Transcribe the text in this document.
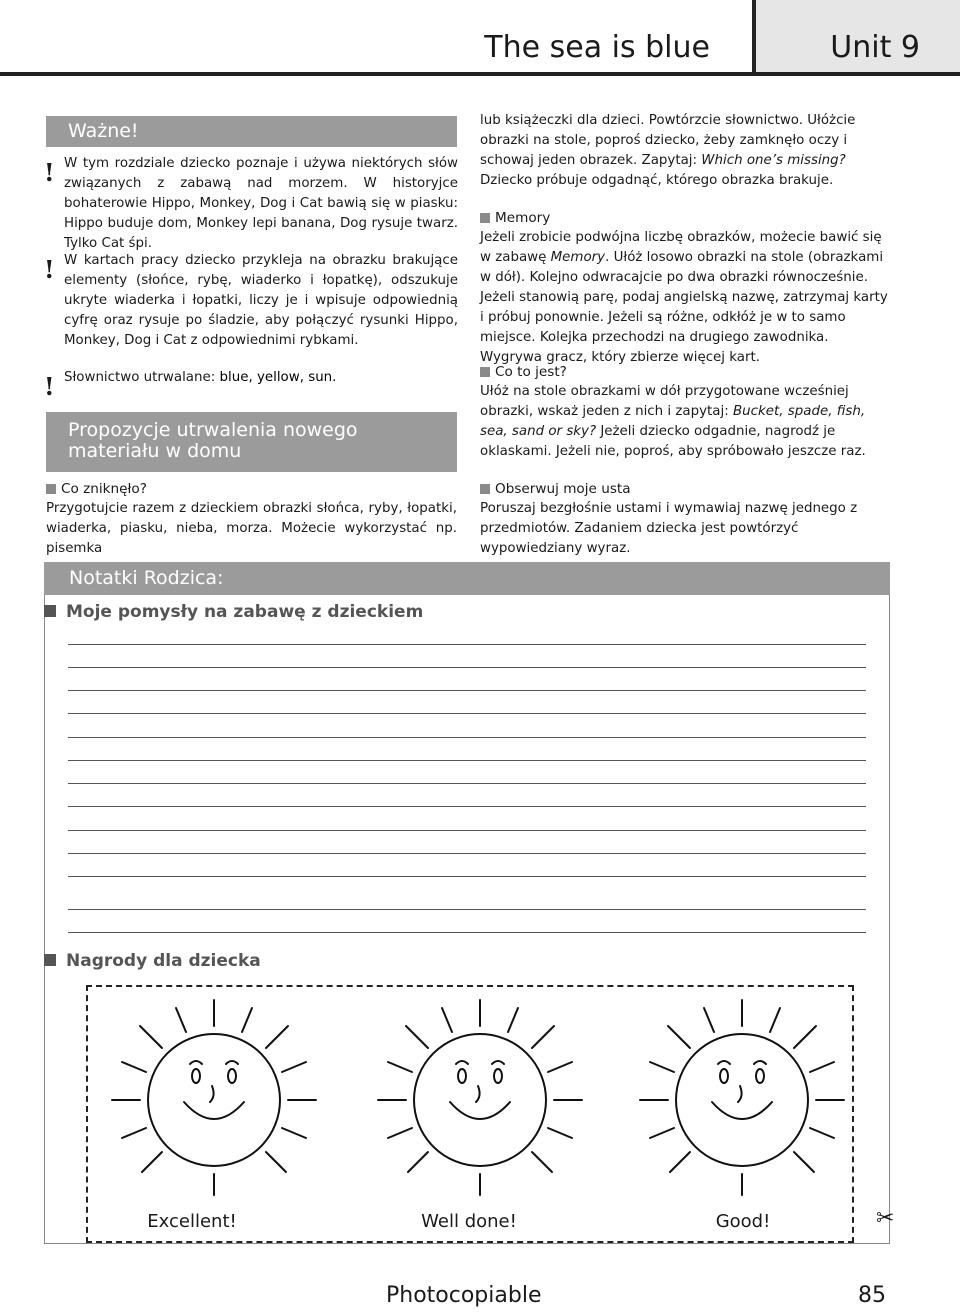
The sea is blue	Unit 9
Ważne!
! W tym rozdziale dziecko poznaje i używa niektórych słów związanych z zabawą nad morzem. W historyjce bohaterowie Hippo, Monkey, Dog i Cat bawią się w piasku: Hippo buduje dom, Monkey lepi banana, Dog rysuje twarz. Tylko Cat śpi.
! W kartach pracy dziecko przykleja na obrazku brakujące elementy (słońce, rybę, wiaderko i łopatkę), odszukuje ukryte wiaderka i łopatki, liczy je i wpisuje odpowiednią cyfrę oraz rysuje po śladzie, aby połączyć rysunki Hippo, Monkey, Dog i Cat z odpowiednimi rybkami.
! Słownictwo utrwalane: blue, yellow, sun.
Propozycje utrwalenia nowego materiału w domu
Co zniknęło?
Przygotujcie razem z dzieckiem obrazki słońca, ryby, łopatki, wiaderka, piasku, nieba, morza. Możecie wykorzystać np. pisemka
lub książeczki dla dzieci. Powtórzcie słownictwo. Ułóżcie obrazki na stole, poproś dziecko, żeby zamknęło oczy i schowaj jeden obrazek. Zapytaj: Which one’s missing? Dziecko próbuje odgadnąć, którego obrazka brakuje.
Memory
Jeżeli zrobicie podwójna liczbę obrazków, możecie bawić się w zabawę Memory. Ułóż losowo obrazki na stole (obrazkami w dół). Kolejno odwracajcie po dwa obrazki równocześnie. Jeżeli stanowią parę, podaj angielską nazwę, zatrzymaj karty i próbuj ponownie. Jeżeli są różne, odkłóż je w to samo miejsce. Kolejka przechodzi na drugiego zawodnika. Wygrywa gracz, który zbierze więcej kart.
Co to jest?
Ułóż na stole obrazkami w dół przygotowane wcześniej obrazki, wskaż jeden z nich i zapytaj: Bucket, spade, fish, sea, sand or sky? Jeżeli dziecko odgadnie, nagrodź je oklaskami. Jeżeli nie, poproś, aby spróbowało jeszcze raz.
Obserwuj moje usta
Poruszaj bezgłośnie ustami i wymawiaj nazwę jednego z przedmiotów. Zadaniem dziecka jest powtórzyć wypowiedziany wyraz.
Notatki Rodzica:
Moje pomysły na zabawę z dzieckiem
Nagrody dla dziecka
Excellent!	Well done!	Good!	✂
Photocopiable	85
